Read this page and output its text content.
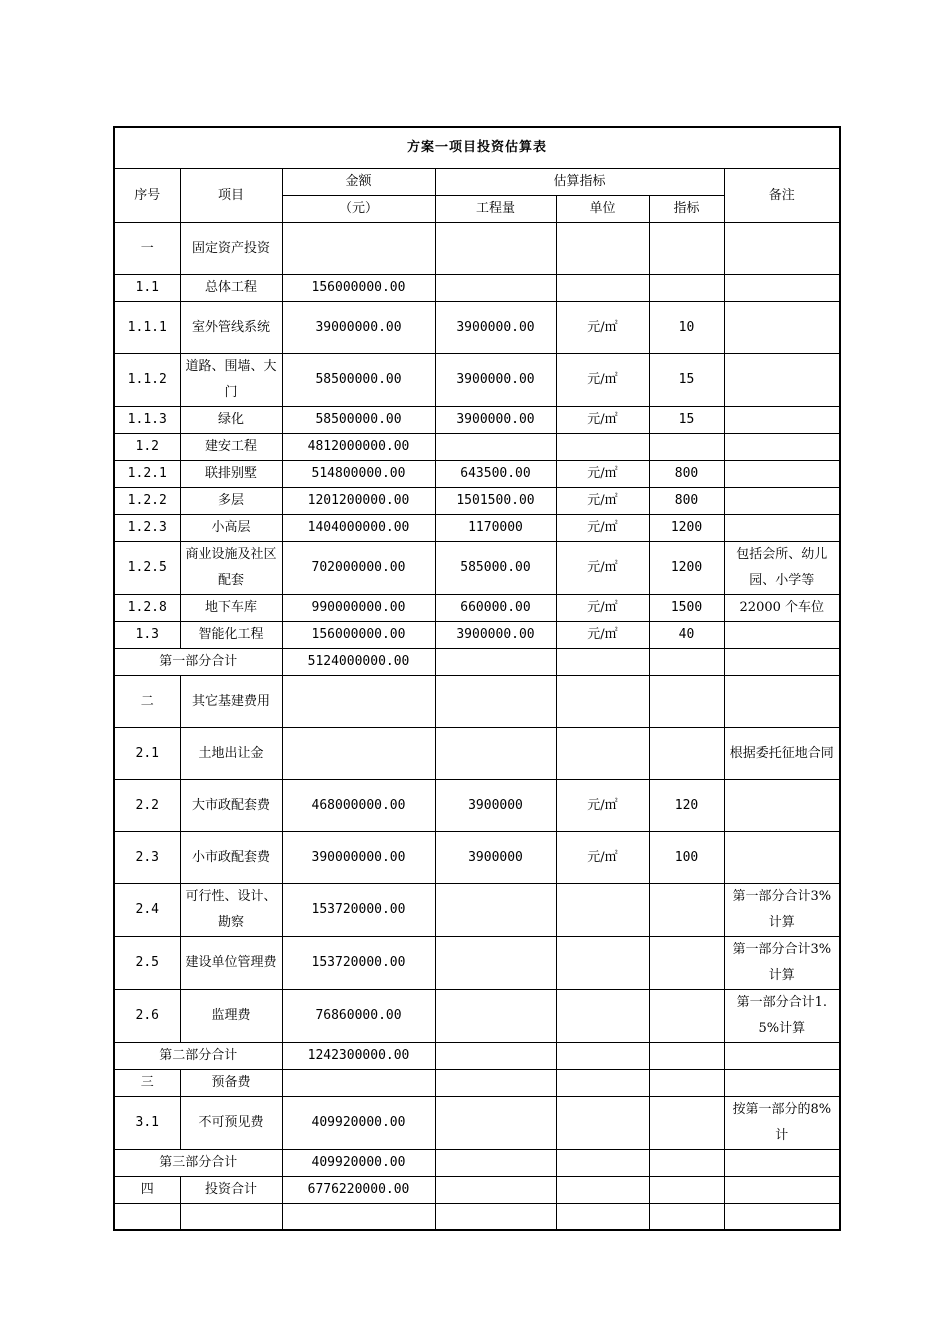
方案一项目投资估算表						
序号	项目	金额	估算指标			备注
		（元）	工程量	单位	指标	
一	固定资产投资					
1.1	总体工程	156000000.00				
1.1.1	室外管线系统	39000000.00	3900000.00	元/㎡	10	
1.1.2	道路、围墙、大门	58500000.00	3900000.00	元/㎡	15	
1.1.3	绿化	58500000.00	3900000.00	元/㎡	15	
1.2	建安工程	4812000000.00				
1.2.1	联排别墅	514800000.00	643500.00	元/㎡	800	
1.2.2	多层	1201200000.00	1501500.00	元/㎡	800	
1.2.3	小高层	1404000000.00	1170000	元/㎡	1200	
1.2.5	商业设施及社区配套	702000000.00	585000.00	元/㎡	1200	包括会所、幼儿园、小学等
1.2.8	地下车库	990000000.00	660000.00	元/㎡	1500	22000 个车位
1.3	智能化工程	156000000.00	3900000.00	元/㎡	40	
第一部分合计		5124000000.00				
二	其它基建费用					
2.1	土地出让金					根据委托征地合同
2.2	大市政配套费	468000000.00	3900000	元/㎡	120	
2.3	小市政配套费	390000000.00	3900000	元/㎡	100	
2.4	可行性、设计、勘察	153720000.00				第一部分合计3%计算
2.5	建设单位管理费	153720000.00				第一部分合计3%计算
2.6	监理费	76860000.00				第一部分合计1.5%计算
第二部分合计		1242300000.00				
三	预备费					
3.1	不可预见费	409920000.00				按第一部分的8%计
第三部分合计		409920000.00				
四	投资合计	6776220000.00				
